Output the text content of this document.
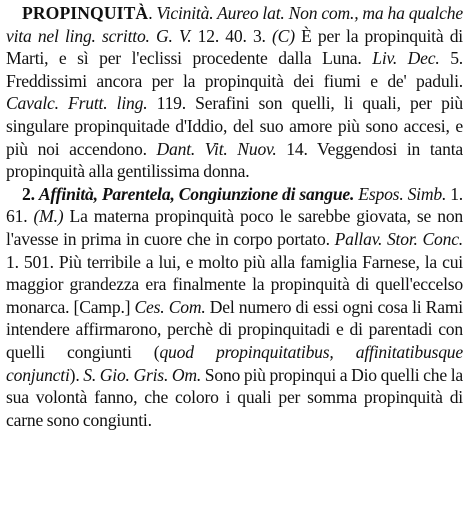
PROPINQUITÀ. Vicinità. Aureo lat. Non com., ma ha qualche vita nel ling. scritto. G. V. 12. 40. 3. (C) È per la propinquità di Marti, e sì per l'eclissi procedente dalla Luna. Liv. Dec. 5. Freddissimi ancora per la propinquità dei fiumi e de' paduli. Cavalc. Frutt. ling. 119. Serafini son quelli, li quali, per più singulare propinquitade d'Iddio, del suo amore più sono accesi, e più noi accendono. Dant. Vit. Nuov. 14. Veggendosi in tanta propinquità alla gentilissima donna.

2. Affinità, Parentela, Congiunzione di sangue. Espos. Simb. 1. 61. (M.) La materna propinquità poco le sarebbe giovata, se non l'avesse in prima in cuore che in corpo portato. Pallav. Stor. Conc. 1. 501. Più terribile a lui, e molto più alla famiglia Farnese, la cui maggior grandezza era finalmente la propinquità di quell'eccelso monarca. [Camp.] Ces. Com. Del numero di essi ogni cosa li Rami intendere affirmarono, perchè di propinquitadi e di parentadi con quelli congiunti (quod propinquitatibus, affinitatibusque conjuncti). S. Gio. Gris. Om. Sono più propinqui a Dio quelli che la sua volontà fanno, che coloro i quali per somma propinquità di carne sono congiunti.
